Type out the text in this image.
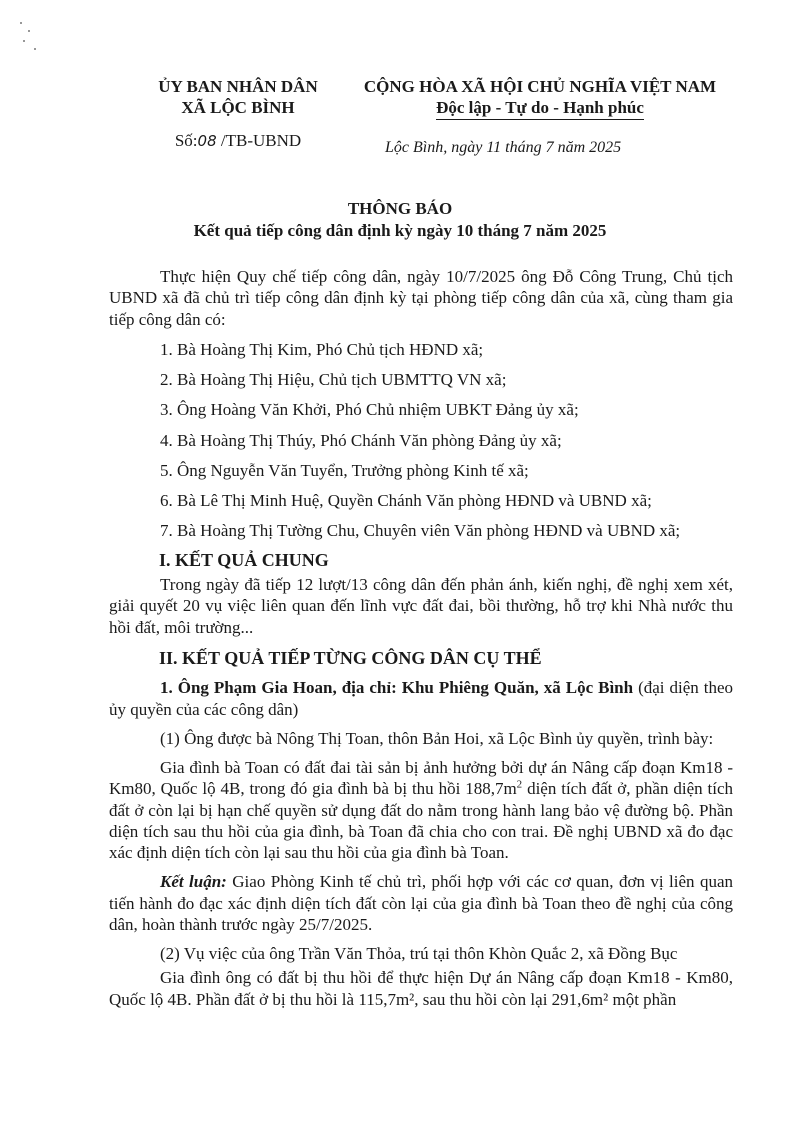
ỦY BAN NHÂN DÂN
XÃ LỘC BÌNH
Số:08 /TB-UBND
CỘNG HÒA XÃ HỘI CHỦ NGHĨA VIỆT NAM
Độc lập - Tự do - Hạnh phúc
Lộc Bình, ngày 11 tháng 7 năm 2025
THÔNG BÁO
Kết quả tiếp công dân định kỳ ngày 10 tháng 7 năm 2025

Thực hiện Quy chế tiếp công dân, ngày 10/7/2025 ông Đỗ Công Trung, Chủ tịch UBND xã đã chủ trì tiếp công dân định kỳ tại phòng tiếp công dân của xã, cùng tham gia tiếp công dân có:

1. Bà Hoàng Thị Kim, Phó Chủ tịch HĐND xã;

2. Bà Hoàng Thị Hiệu, Chủ tịch UBMTTQ VN xã;

3. Ông Hoàng Văn Khởi, Phó Chủ nhiệm UBKT Đảng ủy xã;

4. Bà Hoàng Thị Thúy, Phó Chánh Văn phòng Đảng ủy xã;

5. Ông Nguyễn Văn Tuyển, Trưởng phòng Kinh tế xã;

6. Bà Lê Thị Minh Huệ, Quyền Chánh Văn phòng HĐND và UBND xã;

7. Bà Hoàng Thị Tường Chu, Chuyên viên Văn phòng HĐND và UBND xã;

I. KẾT QUẢ CHUNG

Trong ngày đã tiếp 12 lượt/13 công dân đến phản ánh, kiến nghị, đề nghị xem xét, giải quyết 20 vụ việc liên quan đến lĩnh vực đất đai, bồi thường, hỗ trợ khi Nhà nước thu hồi đất, môi trường...

II. KẾT QUẢ TIẾP TỪNG CÔNG DÂN CỤ THỂ

1. Ông Phạm Gia Hoan, địa chỉ: Khu Phiêng Quăn, xã Lộc Bình (đại diện theo ủy quyền của các công dân)

(1) Ông được bà Nông Thị Toan, thôn Bản Hoi, xã Lộc Bình ủy quyền, trình bày:

Gia đình bà Toan có đất đai tài sản bị ảnh hưởng bởi dự án Nâng cấp đoạn Km18 - Km80, Quốc lộ 4B, trong đó gia đình bà bị thu hồi $188,7m^2$ diện tích đất ở, phần diện tích đất ở còn lại bị hạn chế quyền sử dụng đất do nằm trong hành lang bảo vệ đường bộ. Phần diện tích sau thu hồi của gia đình, bà Toan đã chia cho con trai. Đề nghị UBND xã đo đạc xác định diện tích còn lại sau thu hồi của gia đình bà Toan.

Kết luận: Giao Phòng Kinh tế chủ trì, phối hợp với các cơ quan, đơn vị liên quan tiến hành đo đạc xác định diện tích đất còn lại của gia đình bà Toan theo đề nghị của công dân, hoàn thành trước ngày 25/7/2025.

(2) Vụ việc của ông Trần Văn Thỏa, trú tại thôn Khòn Quắc 2, xã Đồng Bục

Gia đình ông có đất bị thu hồi để thực hiện Dự án Nâng cấp đoạn Km18 - Km80, Quốc lộ 4B. Phần đất ở bị thu hồi là 115,7m², sau thu hồi còn lại 291,6m² một phần
